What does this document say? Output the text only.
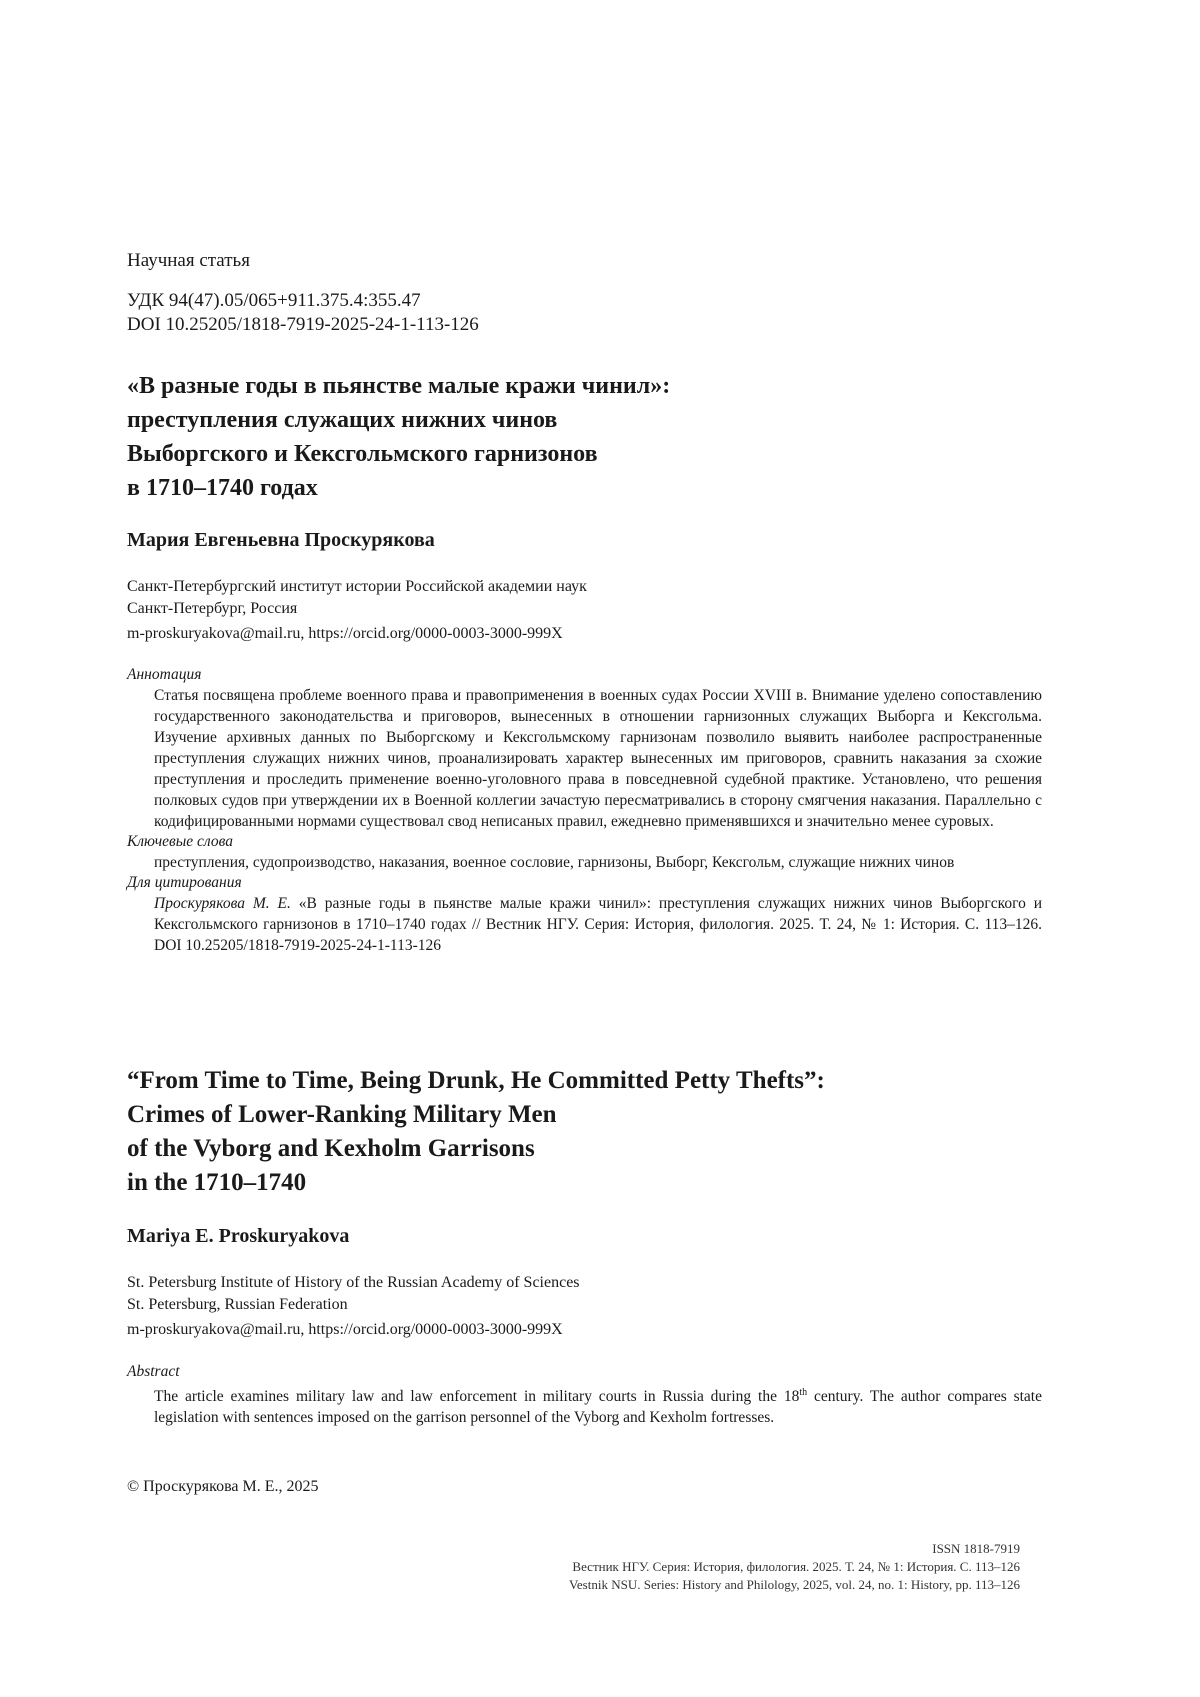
Научная статья

УДК 94(47).05/065+911.375.4:355.47

DOI 10.25205/1818-7919-2025-24-1-113-126

«В разные годы в пьянстве малые кражи чинил»:
преступления служащих нижних чинов
Выборгского и Кексгольмского гарнизонов
в 1710–1740 годах

Мария Евгеньевна Проскурякова

Санкт-Петербургский институт истории Российской академии наук

Санкт-Петербург, Россия

m-proskuryakova@mail.ru, https://orcid.org/0000-0003-3000-999X

Аннотация

Статья посвящена проблеме военного права и правоприменения в военных судах России XVIII в. Внимание уделено сопоставлению государственного законодательства и приговоров, вынесенных в отношении гарнизонных служащих Выборга и Кексгольма. Изучение архивных данных по Выборгскому и Кексгольмскому гарнизонам позволило выявить наиболее распространенные преступления служащих нижних чинов, проанализировать характер вынесенных им приговоров, сравнить наказания за схожие преступления и проследить применение военно-уголовного права в повседневной судебной практике. Установлено, что решения полковых судов при утверждении их в Военной коллегии зачастую пересматривались в сторону смягчения наказания. Параллельно с кодифицированными нормами существовал свод неписаных правил, ежедневно применявшихся и значительно менее суровых.

Ключевые слова

преступления, судопроизводство, наказания, военное сословие, гарнизоны, Выборг, Кексгольм, служащие нижних чинов

Для цитирования

Проскурякова М. Е. «В разные годы в пьянстве малые кражи чинил»: преступления служащих нижних чинов Выборгского и Кексгольмского гарнизонов в 1710–1740 годах // Вестник НГУ. Серия: История, филология. 2025. Т. 24, № 1: История. С. 113–126. DOI 10.25205/1818-7919-2025-24-1-113-126

“From Time to Time, Being Drunk, He Committed Petty Thefts”:
Crimes of Lower-Ranking Military Men
of the Vyborg and Kexholm Garrisons
in the 1710–1740

Mariya E. Proskuryakova

St. Petersburg Institute of History of the Russian Academy of Sciences

St. Petersburg, Russian Federation

m-proskuryakova@mail.ru, https://orcid.org/0000-0003-3000-999X

Abstract

The article examines military law and law enforcement in military courts in Russia during the 18th century. The author compares state legislation with sentences imposed on the garrison personnel of the Vyborg and Kexholm fortresses.

© Проскурякова М. Е., 2025

ISSN 1818-7919

Вестник НГУ. Серия: История, филология. 2025. Т. 24, № 1: История. С. 113–126

Vestnik NSU. Series: History and Philology, 2025, vol. 24, no. 1: History, pp. 113–126
